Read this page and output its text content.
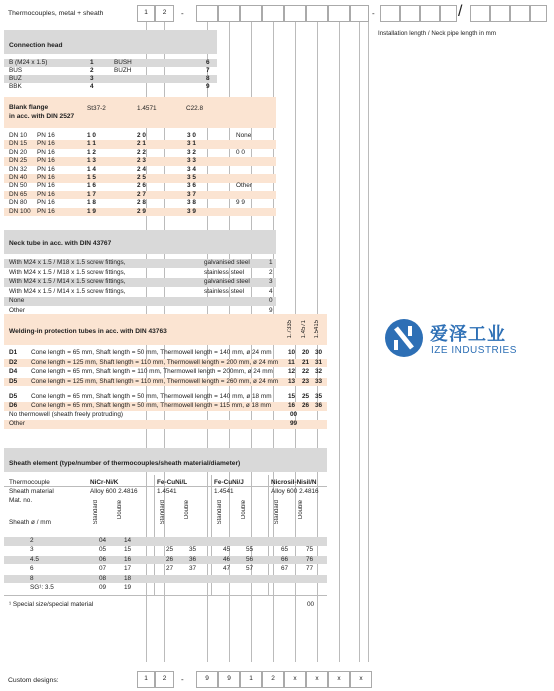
Thermocouples, metal + sheath	1	2	-	-	/
Installation length / Neck pipe length in mm
Connection head
B (M24 x 1.5)	1	BUSH	6
BUS	2	BUZH	7
BUZ	3	8
BBK	4	9
Blank flange
in acc. with DIN 2527
St37-2	1.4571	C22.8
DN 10 PN 16	1 0	2 0	3 0	None
DN 15 PN 16	1 1	2 1	3 1
DN 20 PN 16	1 2	2 2	3 2	0 0
DN 25 PN 16	1 3	2 3	3 3
DN 32 PN 16	1 4	2 4	3 4
DN 40 PN 16	1 5	2 5	3 5
DN 50 PN 16	1 6	2 6	3 6	Other
DN 65 PN 16	1 7	2 7	3 7
DN 80 PN 16	1 8	2 8	3 8	9 9
DN 100 PN 16	1 9	2 9	3 9
Neck tube in acc. with DIN 43767
With M24 x 1.5 / M18 x 1.5 screw fittings,	galvanised steel	1
With M24 x 1.5 / M18 x 1.5 screw fittings,	stainless steel	2
With M24 x 1.5 / M14 x 1.5 screw fittings,	galvanised steel	3
With M24 x 1.5 / M14 x 1.5 screw fittings,	stainless steel	4
None	0
Other	9
Welding-in protection tubes in acc. with DIN 43763	1.7335 1.4571 1.5415
D1 Cone length = 65 mm, Shaft length = 50 mm, Thermowell length = 140 mm, ø 24 mm	10 20 30
D2 Cone length = 125 mm, Shaft length = 110 mm, Thermowell length = 200 mm, ø 24 mm 11 21 31
D4 Cone length = 65 mm, Shaft length = 110 mm, Thermowell length = 200mm, ø 24 mm 12 22 32
D5 Cone length = 125 mm, Shaft length = 110 mm, Thermowell length = 260 mm, ø 24 mm 13 23 33
D5 Cone length = 65 mm, Shaft length = 50 mm, Thermowell length = 140 mm, ø 18 mm	15 25 35
D6 Cone length = 65 mm, Shaft length = 50 mm, Thermowell length = 115 mm, ø 18 mm	16 26 36
No thermowell (sheath freely protruding)	00
Other	99
爱泽工业
IZE INDUSTRIES
Sheath element (type/number of thermocouples/sheath material/diameter)
Thermocouple
Sheath material
Mat. no.
Sheath ø / mm
NiCr-Ni/K
Alloy 600 2.4816
Standard	Double
Fe-CuNi/L
1.4541
Standard	Double
Fe-CuNi/J
1.4541
Standard	Double
Nicrosil-Nisil/N
Alloy 600 2.4816
Standard	Double
2	04	14
3	05	15	25 35	45 55	65	75
4.5	06	16	26 36	46 56	66	76
6	07	17	27 37	47 57	67	77
8	08	18
SG¹: 3.5	09	19
¹ Special size/special material	00
Custom designs:	1	2	9	9	1	2	x	x	x	x
-
